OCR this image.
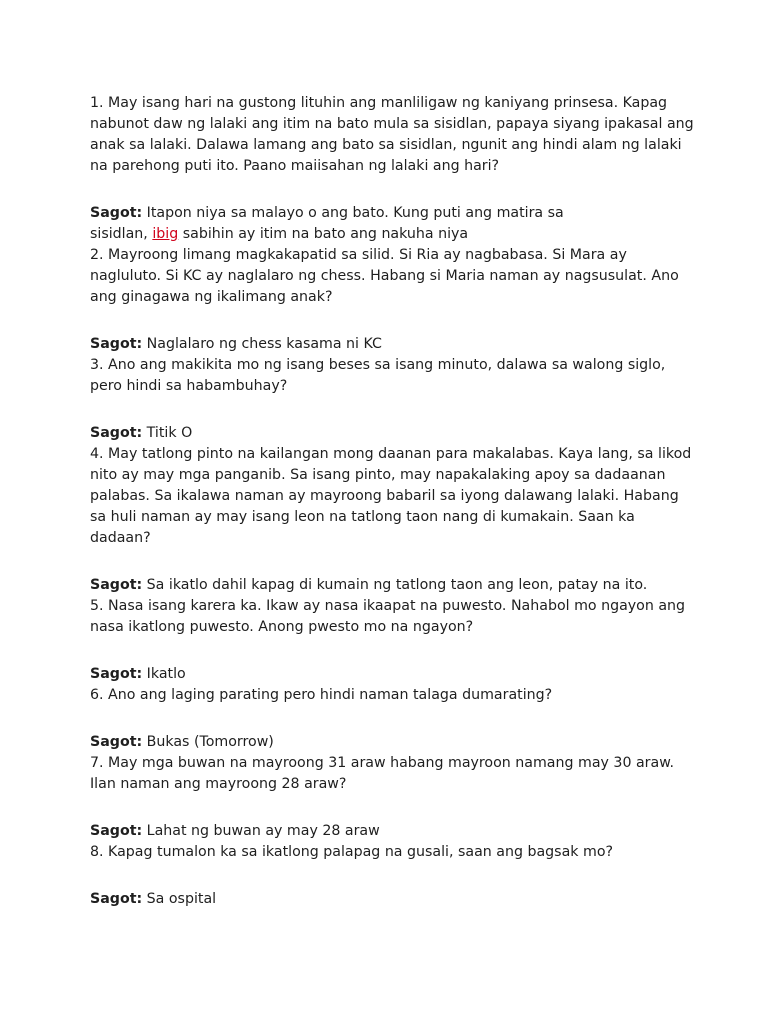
1. May isang hari na gustong lituhin ang manliligaw ng kaniyang prinsesa. Kapag
nabunot daw ng lalaki ang itim na bato mula sa sisidlan, papaya siyang ipakasal ang
anak sa lalaki. Dalawa lamang ang bato sa sisidlan, ngunit ang hindi alam ng lalaki
na parehong puti ito. Paano maiisahan ng lalaki ang hari?
Sagot: Itapon niya sa malayo o ang bato. Kung puti ang matira sa
sisidlan, ibig sabihin ay itim na bato ang nakuha niya
2. Mayroong limang magkakapatid sa silid. Si Ria ay nagbabasa. Si Mara ay
nagluluto. Si KC ay naglalaro ng chess. Habang si Maria naman ay nagsusulat. Ano
ang ginagawa ng ikalimang anak?
Sagot: Naglalaro ng chess kasama ni KC
3. Ano ang makikita mo ng isang beses sa isang minuto, dalawa sa walong siglo,
pero hindi sa habambuhay?
Sagot: Titik O
4. May tatlong pinto na kailangan mong daanan para makalabas. Kaya lang, sa likod
nito ay may mga panganib. Sa isang pinto, may napakalaking apoy sa dadaanan
palabas. Sa ikalawa naman ay mayroong babaril sa iyong dalawang lalaki. Habang
sa huli naman ay may isang leon na tatlong taon nang di kumakain. Saan ka
dadaan?
Sagot: Sa ikatlo dahil kapag di kumain ng tatlong taon ang leon, patay na ito.
5. Nasa isang karera ka. Ikaw ay nasa ikaapat na puwesto. Nahabol mo ngayon ang
nasa ikatlong puwesto. Anong pwesto mo na ngayon?
Sagot: Ikatlo
6. Ano ang laging parating pero hindi naman talaga dumarating?
Sagot: Bukas (Tomorrow)
7. May mga buwan na mayroong 31 araw habang mayroon namang may 30 araw.
Ilan naman ang mayroong 28 araw?
Sagot: Lahat ng buwan ay may 28 araw
8. Kapag tumalon ka sa ikatlong palapag na gusali, saan ang bagsak mo?
Sagot: Sa ospital
